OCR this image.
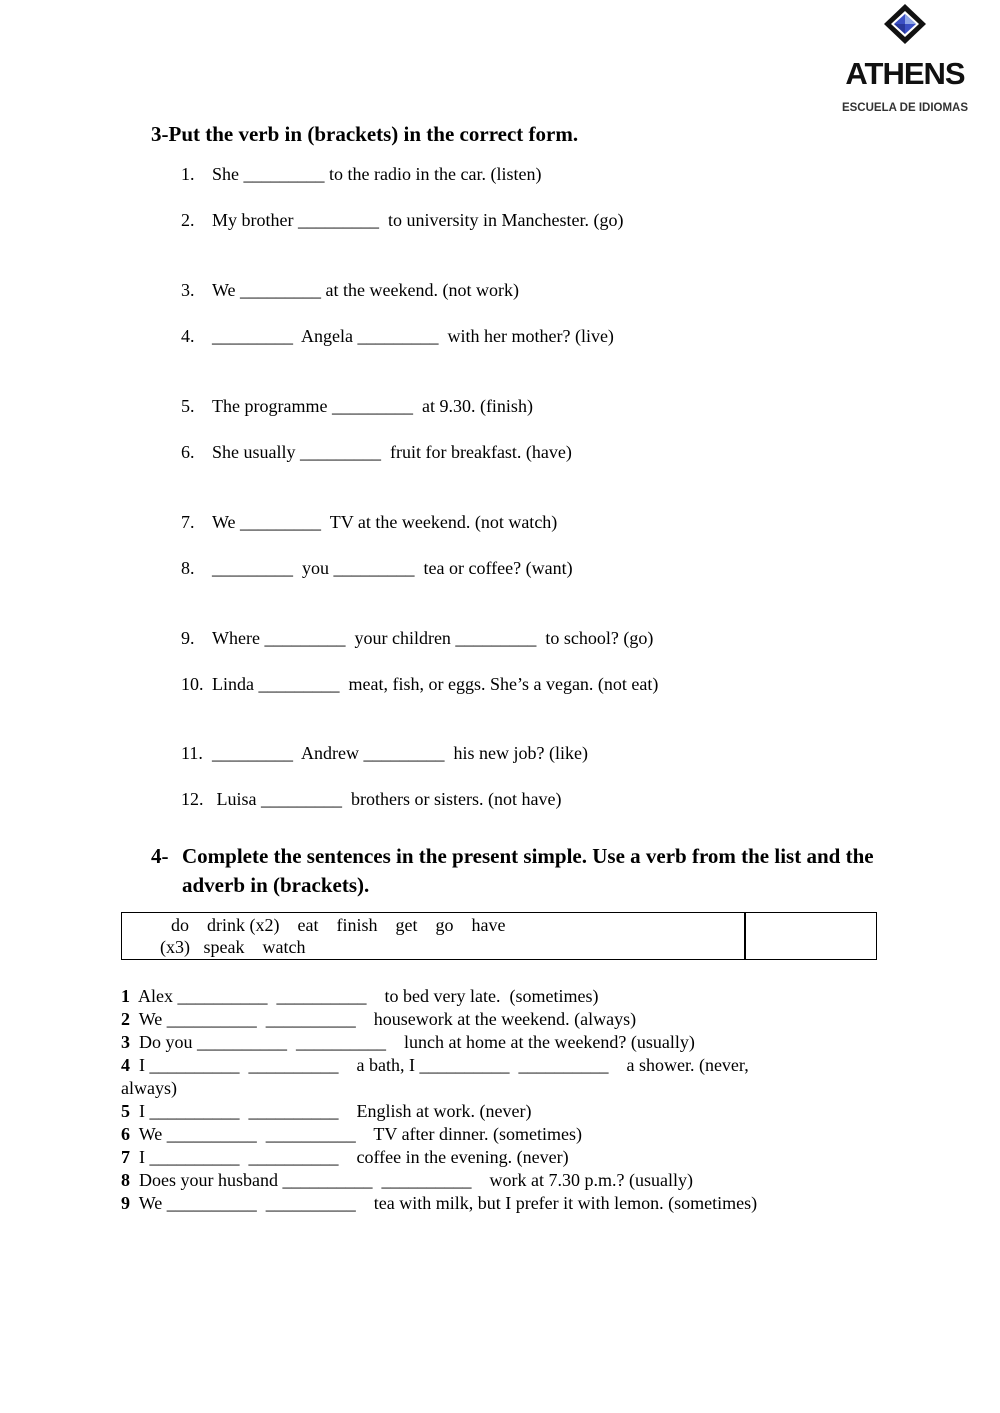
ATHENS
ESCUELA DE IDIOMAS
3-Put the verb in (brackets) in the correct form.
1. She _________ to the radio in the car. (listen)
2. My brother _________  to university in Manchester. (go)
3. We _________ at the weekend. (not work)
4. _________  Angela _________  with her mother? (live)
5. The programme _________  at 9.30. (finish)
6. She usually _________  fruit for breakfast. (have)
7. We _________  TV at the weekend. (not watch)
8. _________  you _________  tea or coffee? (want)
9. Where _________  your children _________  to school? (go)
10. Linda _________  meat, fish, or eggs. She’s a vegan. (not eat)
11. _________  Andrew _________  his new job? (like)
12. Luisa _________  brothers or sisters. (not have)
4- Complete the sentences in the present simple. Use a verb from the list and the adverb in (brackets).
do    drink (x2)    eat    finish    get    go    have
(x3)   speak    watch
1 Alex __________  __________    to bed very late.  (sometimes)
2 We __________  __________    housework at the weekend. (always)
3 Do you __________  __________    lunch at home at the weekend? (usually)
4 I __________  __________    a bath, I __________  __________    a shower. (never,
always)
5 I __________  __________    English at work. (never)
6 We __________  __________    TV after dinner. (sometimes)
7 I __________  __________    coffee in the evening. (never)
8 Does your husband __________  __________    work at 7.30 p.m.? (usually)
9 We __________  __________    tea with milk, but I prefer it with lemon. (sometimes)
